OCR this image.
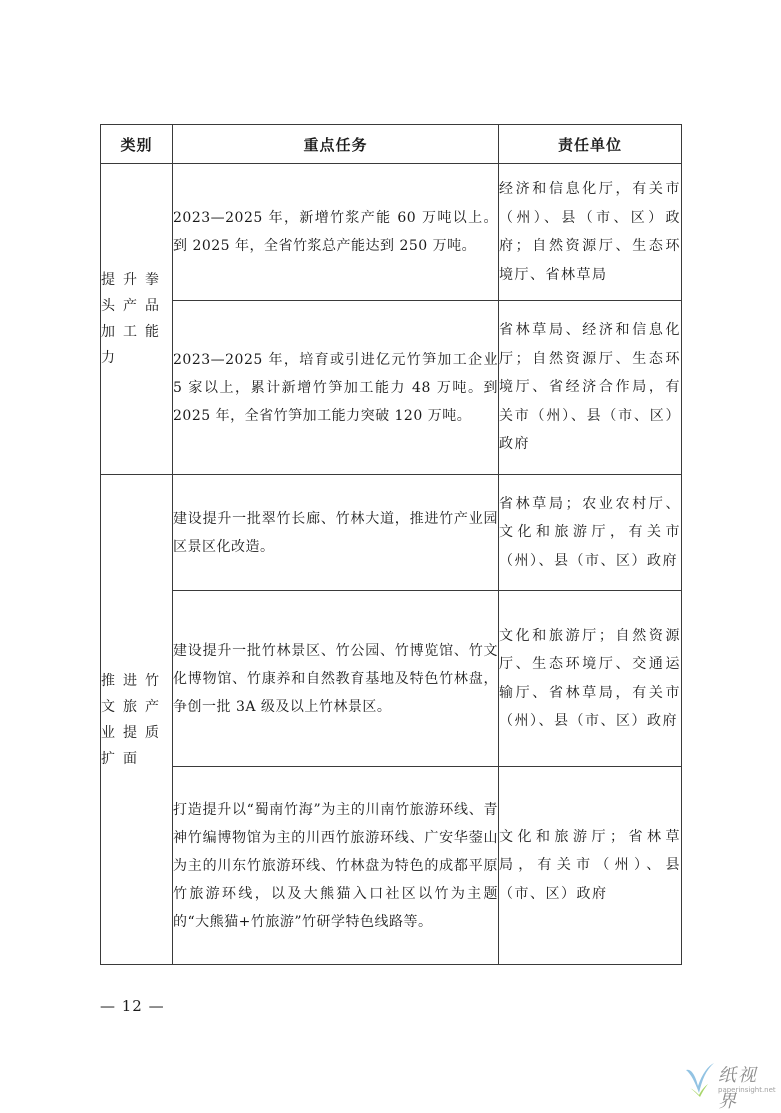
类别	重点任务	责任单位

提升拳头产品加工能力	2023—2025 年，新增竹浆产能 60 万吨以上。到 2025 年，全省竹浆总产能达到 250 万吨。	经济和信息化厅，有关市（州）、县（市、区）政府；自然资源厅、生态环境厅、省林草局

	2023—2025 年，培育或引进亿元竹笋加工企业 5 家以上，累计新增竹笋加工能力 48 万吨。到 2025 年，全省竹笋加工能力突破 120 万吨。	省林草局、经济和信息化厅；自然资源厅、生态环境厅、省经济合作局，有关市（州）、县（市、区）政府

推进竹文旅产业提质扩面	建设提升一批翠竹长廊、竹林大道，推进竹产业园区景区化改造。	省林草局；农业农村厅、文化和旅游厅，有关市（州）、县（市、区）政府

	建设提升一批竹林景区、竹公园、竹博览馆、竹文化博物馆、竹康养和自然教育基地及特色竹林盘，争创一批 3A 级及以上竹林景区。	文化和旅游厅；自然资源厅、生态环境厅、交通运输厅、省林草局，有关市（州）、县（市、区）政府

	打造提升以“蜀南竹海”为主的川南竹旅游环线、青神竹编博物馆为主的川西竹旅游环线、广安华蓥山为主的川东竹旅游环线、竹林盘为特色的成都平原竹旅游环线，以及大熊猫入口社区以竹为主题的“大熊猫+竹旅游”竹研学特色线路等。	文化和旅游厅；省林草局，有关市（州）、县（市、区）政府
— 12 —
纸视界
paperinsight.net
